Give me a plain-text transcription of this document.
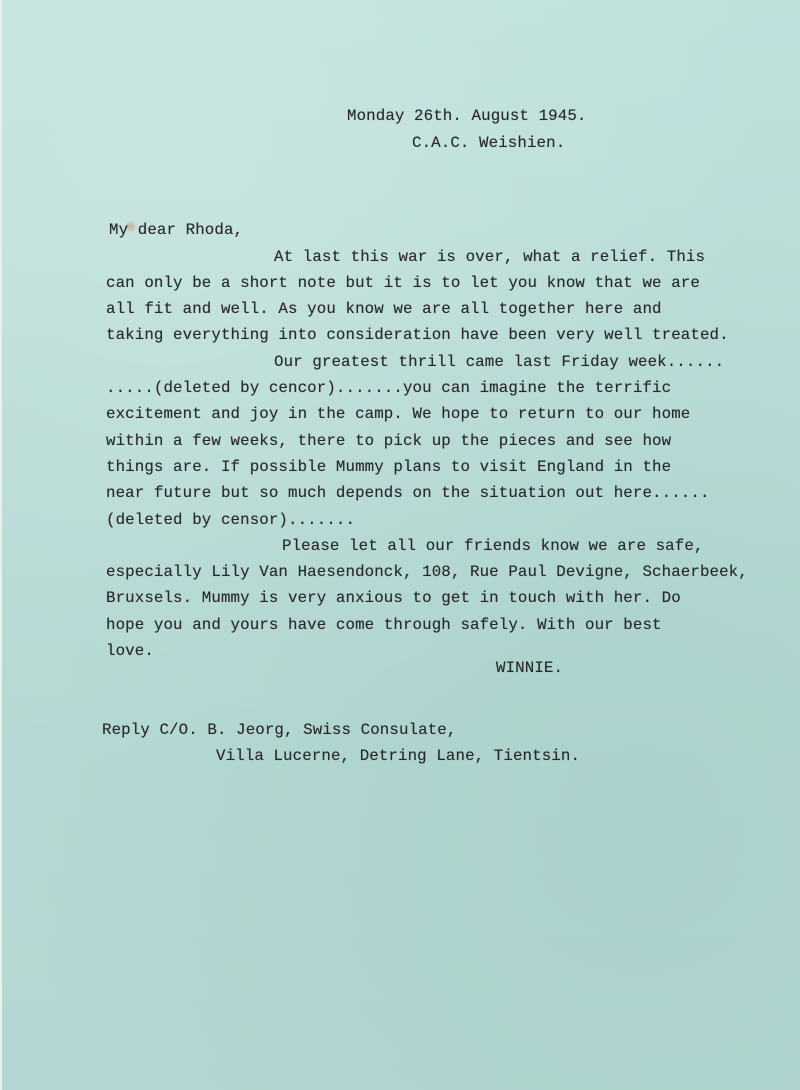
Monday 26th. August 1945.

C.A.C. Weishien.

My dear Rhoda,

At last this war is over, what a relief. This

can only be a short note but it is to let you know that we are

all fit and well. As you know we are all together here and

taking everything into consideration have been very well treated.

Our greatest thrill came last Friday week......

.....(deleted by cencor).......you can imagine the terrific

excitement and joy in the camp. We hope to return to our home

within a few weeks, there to pick up the pieces and see how

things are. If possible Mummy plans to visit England in the

near future but so much depends on the situation out here......

(deleted by censor).......

Please let all our friends know we are safe,

especially Lily Van Haesendonck, 108, Rue Paul Devigne, Schaerbeek,

Bruxsels. Mummy is very anxious to get in touch with her. Do

hope you and yours have come through safely. With our best

love.

WINNIE.

Reply C/O. B. Jeorg, Swiss Consulate,

Villa Lucerne, Detring Lane, Tientsin.
